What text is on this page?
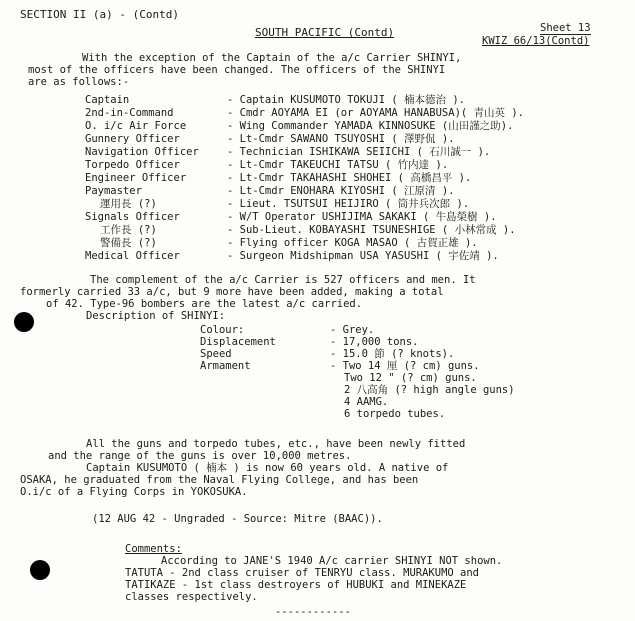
SECTION II (a) - (Contd)
SOUTH PACIFIC (Contd)	Sheet 13
KWIZ 66/13(Contd)
With the exception of the Captain of the a/c Carrier SHINYI,
most of the officers have been changed. The officers of the SHINYI
are as follows:-
Captain	- Captain KUSUMOTO TOKUJI ( 楠本德治 ).
2nd-in-Command	- Cmdr AOYAMA EI (or AOYAMA HANABUSA)( 青山英 ).
O. i/c Air Force	- Wing Commander YAMADA KINNOSUKE (山田謹之助).
Gunnery Officer	- Lt-Cmdr SAWANO TSUYOSHI ( 澤野侃 ).
Navigation Officer	- Technician ISHIKAWA SEIICHI ( 石川誠一 ).
Torpedo Officer	- Lt-Cmdr TAKEUCHI TATSU ( 竹内達 ).
Engineer Officer	- Lt-Cmdr TAKAHASHI SHOHEI ( 高橋昌平 ).
Paymaster	- Lt-Cmdr ENOHARA KIYOSHI ( 江原清 ).
運用長 (?)	- Lieut. TSUTSUI HEIJIRO ( 筒井兵次郎 ).
Signals Officer	- W/T Operator USHIJIMA SAKAKI ( 牛島榮樹 ).
工作長 (?)	- Sub-Lieut. KOBAYASHI TSUNESHIGE ( 小林常成 ).
警備長 (?)	- Flying officer KOGA MASAO ( 古賀正雄 ).
Medical Officer	- Surgeon Midshipman USA YASUSHI ( 宇佐靖 ).
The complement of the a/c Carrier is 527 officers and men. It
formerly carried 33 a/c, but 9 more have been added, making a total
of 42. Type-96 bombers are the latest a/c carried.
Description of SHINYI:
Colour:	- Grey.
Displacement	- 17,000 tons.
Speed	- 15.0 節 (? knots).
Armament	- Two 14 厘 (? cm) guns.
Two 12 " (? cm) guns.
2 八高角 (? high angle guns)
4 AAMG.
6 torpedo tubes.
All the guns and torpedo tubes, etc., have been newly fitted
and the range of the guns is over 10,000 metres.
Captain KUSUMOTO ( 楠本 ) is now 60 years old. A native of
OSAKA, he graduated from the Naval Flying College, and has been
O.i/c of a Flying Corps in YOKOSUKA.
(12 AUG 42 - Ungraded - Source: Mitre (BAAC)).
Comments:
According to JANE'S 1940 A/c carrier SHINYI NOT shown.
TATUTA - 2nd class cruiser of TENRYU class. MURAKUMO and
TATIKAZE - 1st class destroyers of HUBUKI and MINEKAZE
classes respectively.
------------
